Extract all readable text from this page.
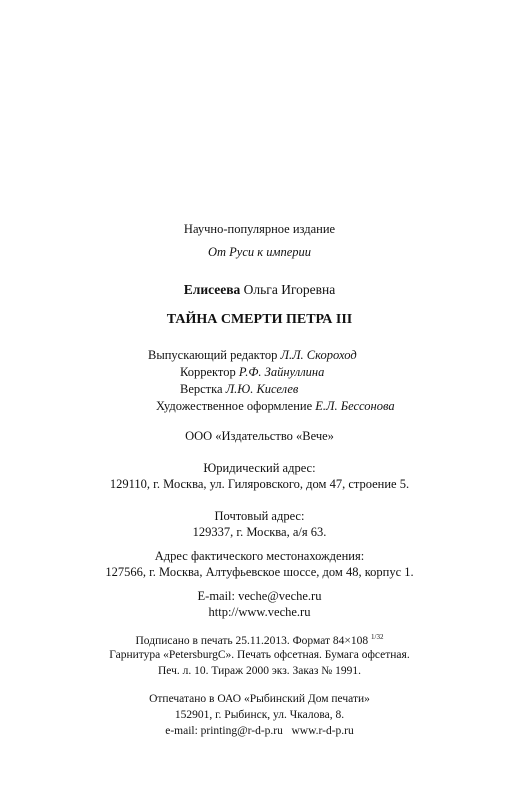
Научно-популярное издание
От Руси к империи
Елисеева Ольга Игоревна
ТАЙНА СМЕРТИ ПЕТРА III
Выпускающий редактор Л.Л. Скороход
Корректор Р.Ф. Зайнуллина
Верстка Л.Ю. Киселев
Художественное оформление Е.Л. Бессонова
ООО «Издательство «Вече»
Юридический адрес:
129110, г. Москва, ул. Гиляровского, дом 47, строение 5.
Почтовый адрес:
129337, г. Москва, а/я 63.
Адрес фактического местонахождения:
127566, г. Москва, Алтуфьевское шоссе, дом 48, корпус 1.
E-mail: veche@veche.ru
http://www.veche.ru
Подписано в печать 25.11.2013. Формат 84×108 $^{1/32}$
Гарнитура «PetersburgC». Печать офсетная. Бумага офсетная.
Печ. л. 10. Тираж 2000 экз. Заказ № 1991.
Отпечатано в ОАО «Рыбинский Дом печати»
152901, г. Рыбинск, ул. Чкалова, 8.
e-mail: printing@r-d-p.ru   www.r-d-p.ru
